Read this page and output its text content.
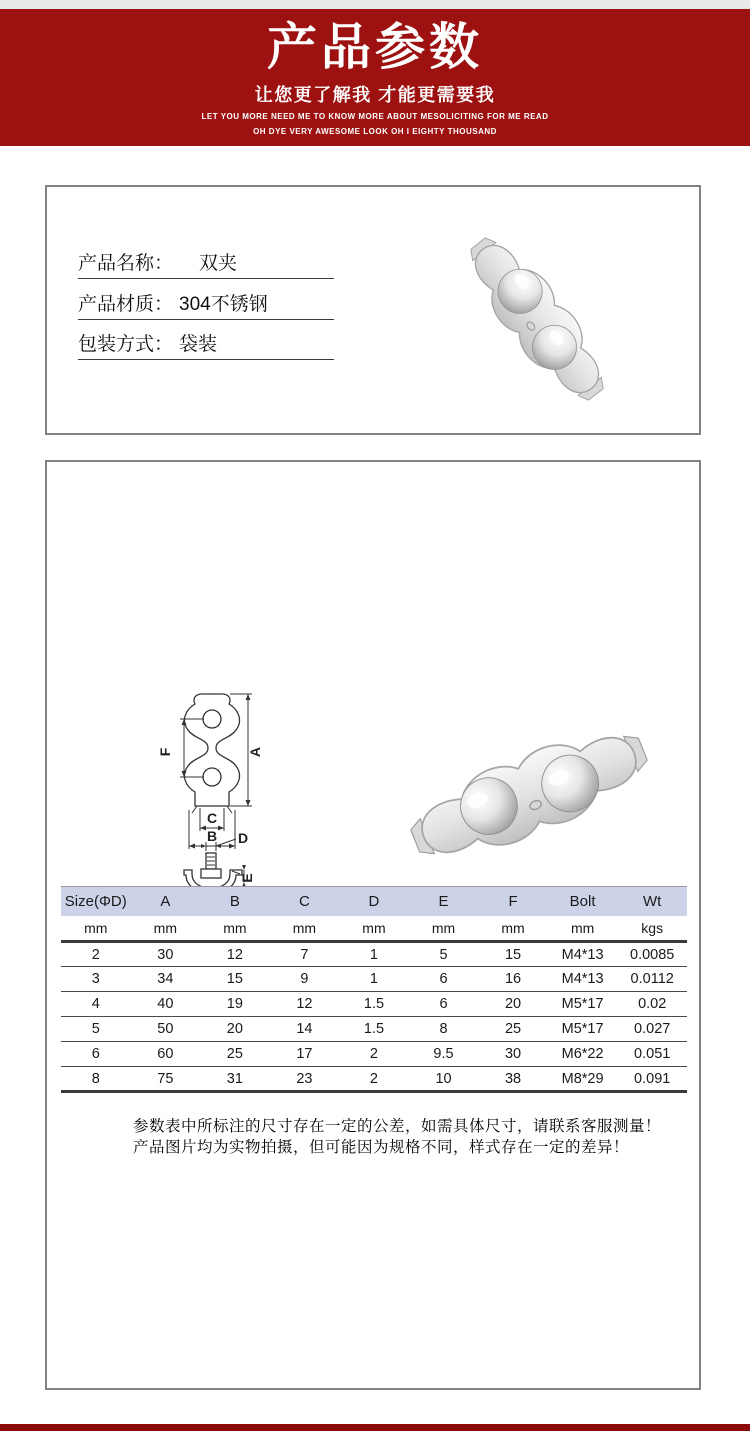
产品参数
让您更了解我 才能更需要我
LET YOU MORE NEED ME TO KNOW MORE ABOUT MESOLICITING FOR ME READ
OH DYE VERY AWESOME LOOK OH I EIGHTY THOUSAND
产品名称： 双夹
产品材质： 304不锈钢
包装方式： 袋装
F	A
C
B D
E
Size(ΦD)	A	B	C	D	E	F	Bolt	Wt
mm	mm	mm	mm	mm	mm	mm	mm	kgs
2	30	12	7	1	5	15	M4*13	0.0085
3	34	15	9	1	6	16	M4*13	0.0112
4	40	19	12	1.5	6	20	M5*17	0.02
5	50	20	14	1.5	8	25	M5*17	0.027
6	60	25	17	2	9.5	30	M6*22	0.051
8	75	31	23	2	10	38	M8*29	0.091
参数表中所标注的尺寸存在一定的公差，如需具体尺寸，请联系客服测量！
产品图片均为实物拍摄，但可能因为规格不同，样式存在一定的差异！
